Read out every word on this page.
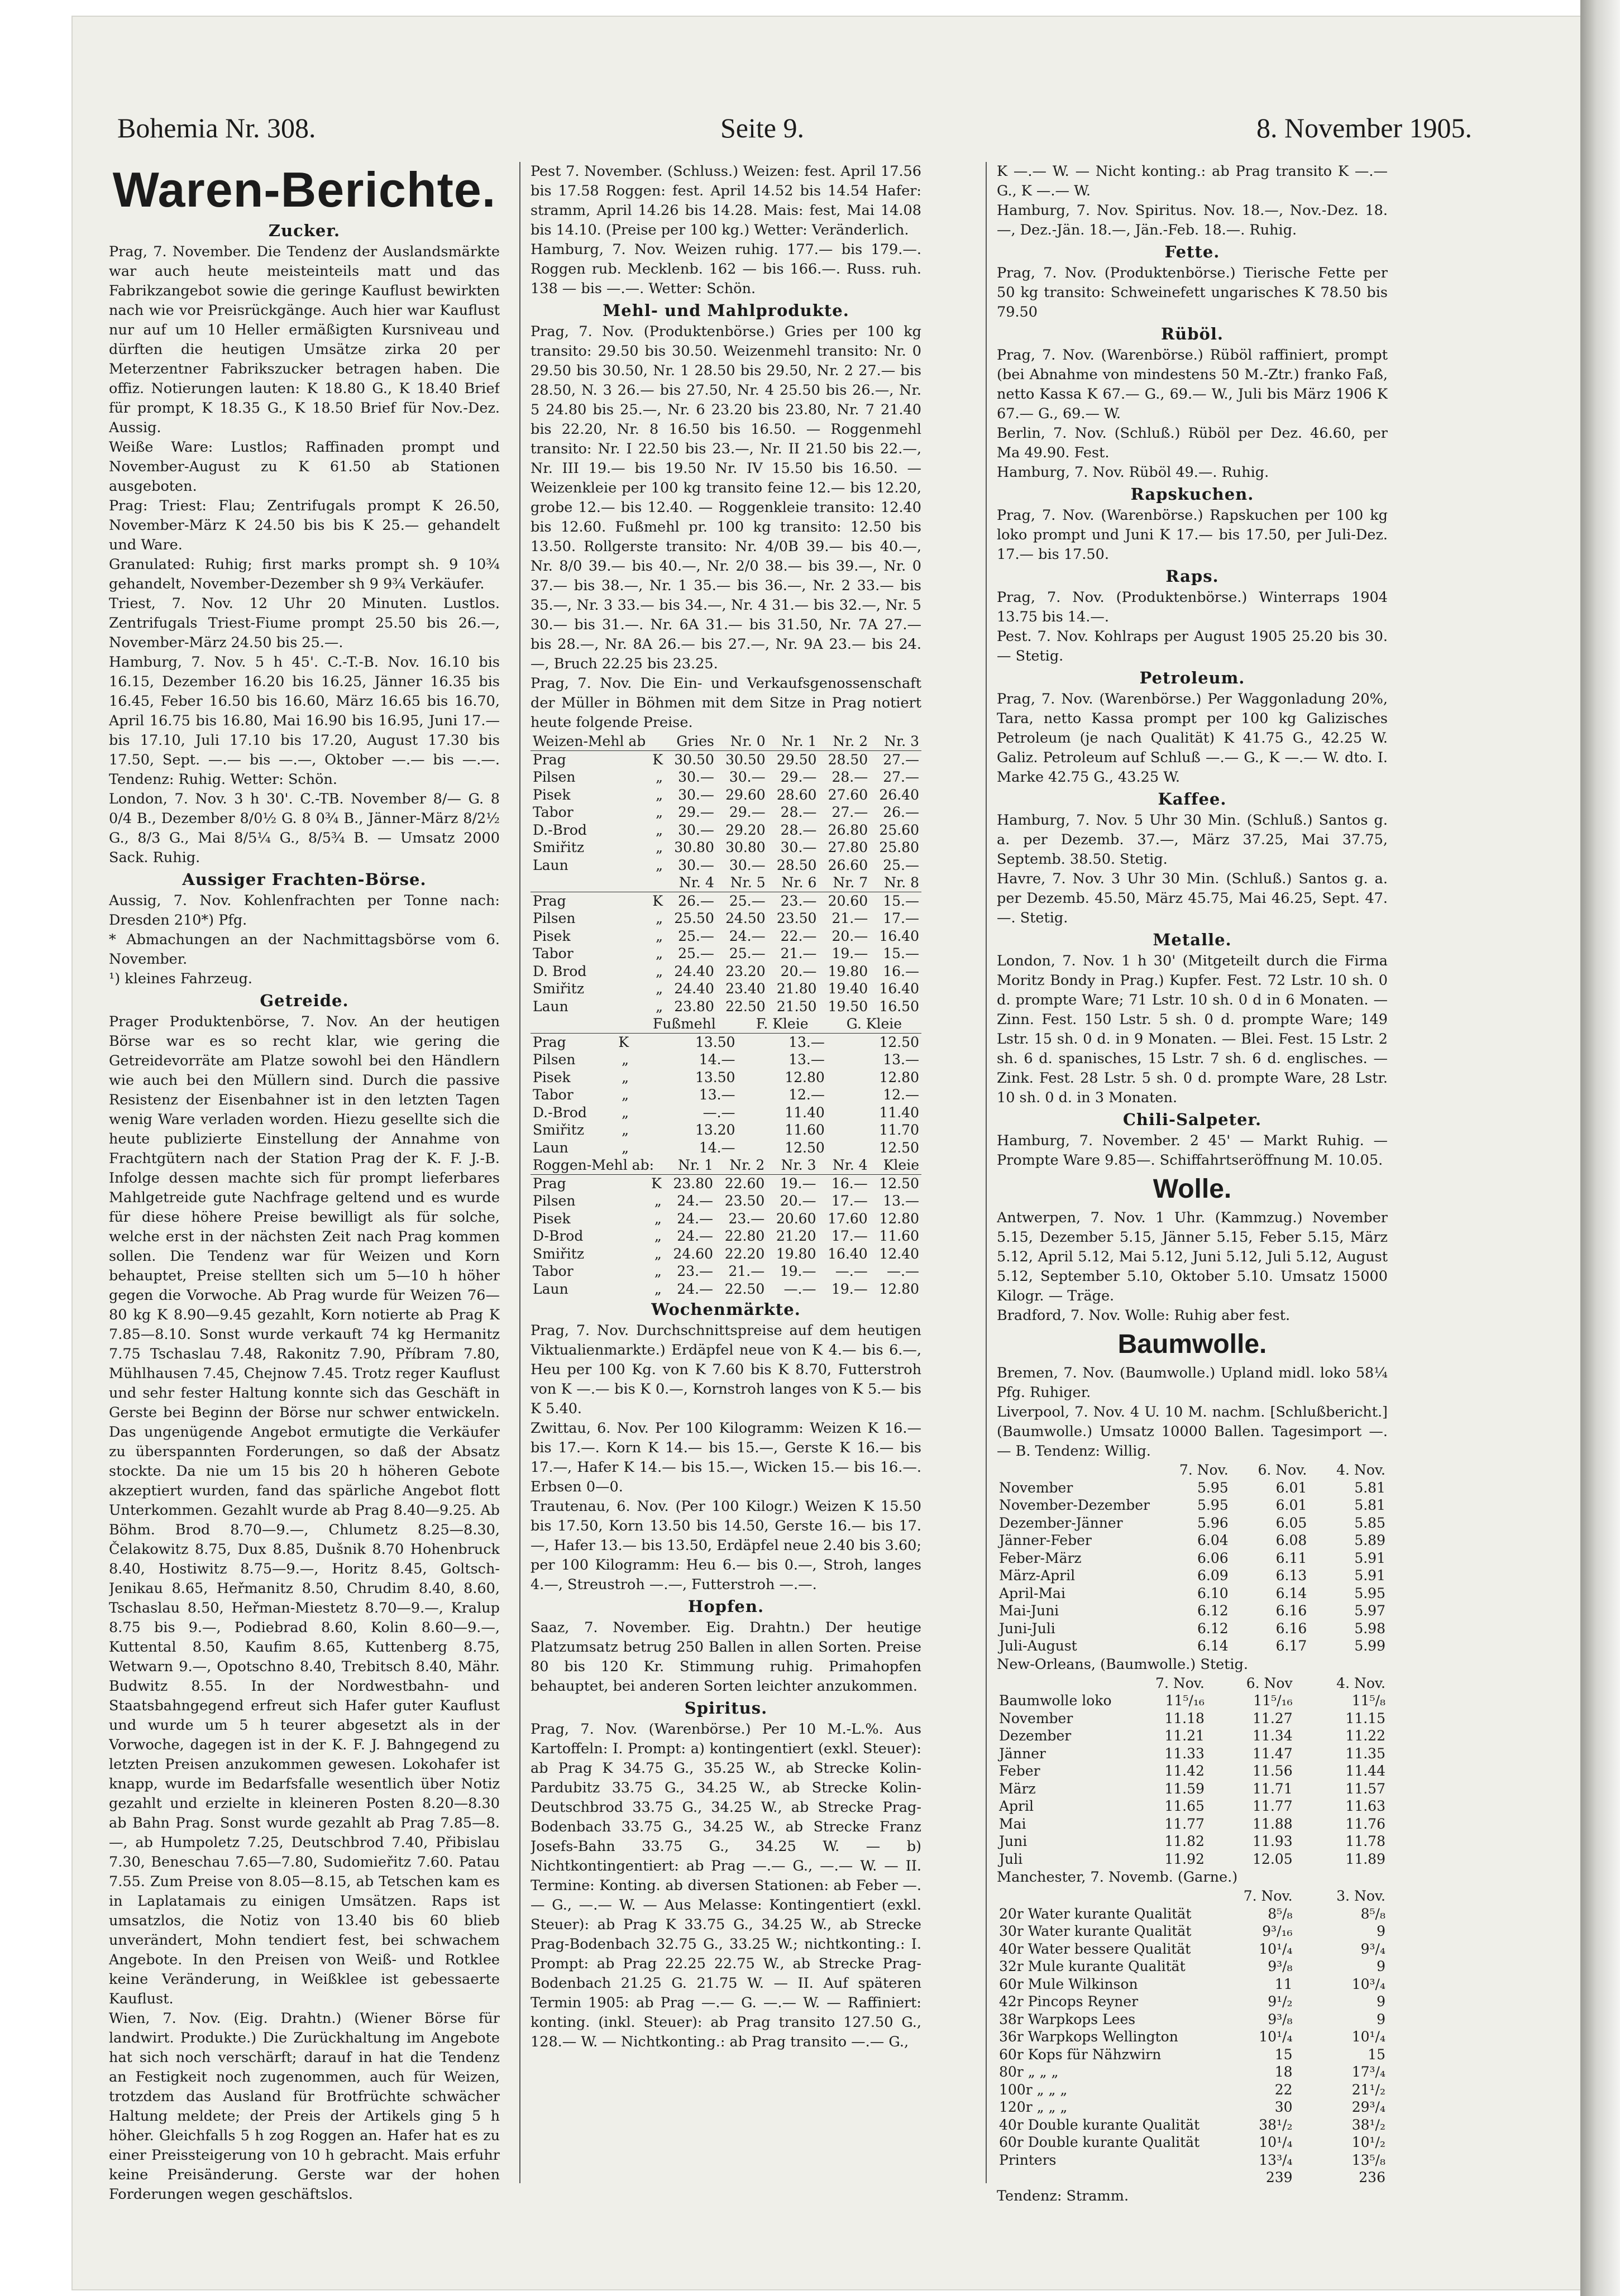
Bohemia Nr. 308.	Seite 9.	8. November 1905.
Waren-Berichte.
Zucker.

Prag, 7. November. Die Tendenz der Auslandsmärkte war auch heute meisteinteils matt und das Fabrikzangebot sowie die geringe Kauflust bewirkten nach wie vor Preisrückgänge. Auch hier war Kauflust nur auf um 10 Heller ermäßigten Kursniveau und dürften die heutigen Umsätze zirka 20 per Meterzentner Fabrikszucker betragen haben. Die offiz. Notierungen lauten: K 18.80 G., K 18.40 Brief für prompt, K 18.35 G., K 18.50 Brief für Nov.-Dez. Aussig.

Weiße Ware: Lustlos; Raffinaden prompt und November-August zu K 61.50 ab Stationen ausgeboten.

Prag: Triest: Flau; Zentrifugals prompt K 26.50, November-März K 24.50 bis bis K 25.— gehandelt und Ware.

Granulated: Ruhig; first marks prompt sh. 9 10¾ gehandelt, November-Dezember sh 9 9¾ Verkäufer.

Triest, 7. Nov. 12 Uhr 20 Minuten. Lustlos. Zentrifugals Triest-Fiume prompt 25.50 bis 26.—, November-März 24.50 bis 25.—.

Hamburg, 7. Nov. 5 h 45'. C.-T.-B. Nov. 16.10 bis 16.15, Dezember 16.20 bis 16.25, Jänner 16.35 bis 16.45, Feber 16.50 bis 16.60, März 16.65 bis 16.70, April 16.75 bis 16.80, Mai 16.90 bis 16.95, Juni 17.— bis 17.10, Juli 17.10 bis 17.20, August 17.30 bis 17.50, Sept. —.— bis —.—, Oktober —.— bis —.—. Tendenz: Ruhig. Wetter: Schön.

London, 7. Nov. 3 h 30'. C.-TB. November 8/— G. 8 0/4 B., Dezember 8/0½ G. 8 0¾ B., Jänner-März 8/2½ G., 8/3 G., Mai 8/5¼ G., 8/5¾ B. — Umsatz 2000 Sack. Ruhig.

Aussiger Frachten-Börse.

Aussig, 7. Nov. Kohlenfrachten per Tonne nach: Dresden 210*) Pfg.

* Abmachungen an der Nachmittagsbörse vom 6. November.

¹) kleines Fahrzeug.

Getreide.

Prager Produktenbörse, 7. Nov. An der heutigen Börse war es so recht klar, wie gering die Getreidevorräte am Platze sowohl bei den Händlern wie auch bei den Müllern sind. Durch die passive Resistenz der Eisenbahner ist in den letzten Tagen wenig Ware verladen worden. Hiezu gesellte sich die heute publizierte Einstellung der Annahme von Frachtgütern nach der Station Prag der K. F. J.-B. Infolge dessen machte sich für prompt lieferbares Mahlgetreide gute Nachfrage geltend und es wurde für diese höhere Preise bewilligt als für solche, welche erst in der nächsten Zeit nach Prag kommen sollen. Die Tendenz war für Weizen und Korn behauptet, Preise stellten sich um 5—10 h höher gegen die Vorwoche. Ab Prag wurde für Weizen 76—80 kg K 8.90—9.45 gezahlt, Korn notierte ab Prag K 7.85—8.10. Sonst wurde verkauft 74 kg Hermanitz 7.75 Tschaslau 7.48, Rakonitz 7.90, Příbram 7.80, Mühlhausen 7.45, Chejnow 7.45. Trotz reger Kauflust und sehr fester Haltung konnte sich das Geschäft in Gerste bei Beginn der Börse nur schwer entwickeln. Das ungenügende Angebot ermutigte die Verkäufer zu überspannten Forderungen, so daß der Absatz stockte. Da nie um 15 bis 20 h höheren Gebote akzeptiert wurden, fand das spärliche Angebot flott Unterkommen. Gezahlt wurde ab Prag 8.40—9.25. Ab Böhm. Brod 8.70—9.—, Chlumetz 8.25—8.30, Čelakowitz 8.75, Dux 8.85, Dušnik 8.70 Hohenbruck 8.40, Hostiwitz 8.75—9.—, Horitz 8.45, Goltsch-Jenikau 8.65, Heřmanitz 8.50, Chrudim 8.40, 8.60, Tschaslau 8.50, Heřman-Miestetz 8.70—9.—, Kralup 8.75 bis 9.—, Podiebrad 8.60, Kolin 8.60—9.—, Kuttental 8.50, Kaufim 8.65, Kuttenberg 8.75, Wetwarn 9.—, Opotschno 8.40, Trebitsch 8.40, Mähr. Budwitz 8.55. In der Nordwestbahn- und Staatsbahngegend erfreut sich Hafer guter Kauflust und wurde um 5 h teurer abgesetzt als in der Vorwoche, dagegen ist in der K. F. J. Bahngegend zu letzten Preisen anzukommen gewesen. Lokohafer ist knapp, wurde im Bedarfsfalle wesentlich über Notiz gezahlt und erzielte in kleineren Posten 8.20—8.30 ab Bahn Prag. Sonst wurde gezahlt ab Prag 7.85—8.—, ab Humpoletz 7.25, Deutschbrod 7.40, Přibislau 7.30, Beneschau 7.65—7.80, Sudomieřitz 7.60. Patau 7.55. Zum Preise von 8.05—8.15, ab Tetschen kam es in Laplatamais zu einigen Umsätzen. Raps ist umsatzlos, die Notiz von 13.40 bis 60 blieb unverändert, Mohn tendiert fest, bei schwachem Angebote. In den Preisen von Weiß- und Rotklee keine Veränderung, in Weißklee ist gebessaerte Kauflust.

Wien, 7. Nov. (Eig. Drahtn.) (Wiener Börse für landwirt. Produkte.) Die Zurückhaltung im Angebote hat sich noch verschärft; darauf in hat die Tendenz an Festigkeit noch zugenommen, auch für Weizen, trotzdem das Ausland für Brotfrüchte schwächer Haltung meldete; der Preis der Artikels ging 5 h höher. Gleichfalls 5 h zog Roggen an. Hafer hat es zu einer Preissteigerung von 10 h gebracht. Mais erfuhr keine Preisänderung. Gerste war der hohen Forderungen wegen geschäftslos.

Pest 7. November. (Schluss.) Weizen: fest. April 17.56 bis 17.58 Roggen: fest. April 14.52 bis 14.54 Hafer: stramm, April 14.26 bis 14.28. Mais: fest, Mai 14.08 bis 14.10. (Preise per 100 kg.) Wetter: Veränderlich.

Hamburg, 7. Nov. Weizen ruhig. 177.— bis 179.—. Roggen rub. Mecklenb. 162 — bis 166.—. Russ. ruh. 138 — bis —.—. Wetter: Schön.

Mehl- und Mahlprodukte.

Prag, 7. Nov. (Produktenbörse.) Gries per 100 kg transito: 29.50 bis 30.50. Weizenmehl transito: Nr. 0 29.50 bis 30.50, Nr. 1 28.50 bis 29.50, Nr. 2 27.— bis 28.50, N. 3 26.— bis 27.50, Nr. 4 25.50 bis 26.—, Nr. 5 24.80 bis 25.—, Nr. 6 23.20 bis 23.80, Nr. 7 21.40 bis 22.20, Nr. 8 16.50 bis 16.50. — Roggenmehl transito: Nr. I 22.50 bis 23.—, Nr. II 21.50 bis 22.—, Nr. III 19.— bis 19.50 Nr. IV 15.50 bis 16.50. — Weizenkleie per 100 kg transito feine 12.— bis 12.20, grobe 12.— bis 12.40. — Roggenkleie transito: 12.40 bis 12.60. Fußmehl pr. 100 kg transito: 12.50 bis 13.50. Rollgerste transito: Nr. 4/0B 39.— bis 40.—, Nr. 8/0 39.— bis 40.—, Nr. 2/0 38.— bis 39.—, Nr. 0 37.— bis 38.—, Nr. 1 35.— bis 36.—, Nr. 2 33.— bis 35.—, Nr. 3 33.— bis 34.—, Nr. 4 31.— bis 32.—, Nr. 5 30.— bis 31.—. Nr. 6A 31.— bis 31.50, Nr. 7A 27.— bis 28.—, Nr. 8A 26.— bis 27.—, Nr. 9A 23.— bis 24.—, Bruch 22.25 bis 23.25.

Prag, 7. Nov. Die Ein- und Verkaufsgenossenschaft der Müller in Böhmen mit dem Sitze in Prag notiert heute folgende Preise.

Weizen-Mehl ab		Gries	Nr. 0	Nr. 1	Nr. 2	Nr. 3
Prag	K	30.50	30.50	29.50	28.50	27.—
Pilsen	„	30.—	30.—	29.—	28.—	27.—
Pisek	„	30.—	29.60	28.60	27.60	26.40
Tabor	„	29.—	29.—	28.—	27.—	26.—
D.-Brod	„	30.—	29.20	28.—	26.80	25.60
Smiřitz	„	30.80	30.80	30.—	27.80	25.80
Laun	„	30.—	30.—	28.50	26.60	25.—
		Nr. 4	Nr. 5	Nr. 6	Nr. 7	Nr. 8
Prag	K	26.—	25.—	23.—	20.60	15.—
Pilsen	„	25.50	24.50	23.50	21.—	17.—
Pisek	„	25.—	24.—	22.—	20.—	16.40
Tabor	„	25.—	25.—	21.—	19.—	15.—
D. Brod	„	24.40	23.20	20.—	19.80	16.—
Smiřitz	„	24.40	23.40	21.80	19.40	16.40
Laun	„	23.80	22.50	21.50	19.50	16.50
		Fußmehl	F. Kleie	G. Kleie
Prag	K	13.50	13.—	12.50
Pilsen	„	14.—	13.—	13.—
Pisek	„	13.50	12.80	12.80
Tabor	„	13.—	12.—	12.—
D.-Brod	„	—.—	11.40	11.40
Smiřitz	„	13.20	11.60	11.70
Laun	„	14.—	12.50	12.50
Roggen-Mehl ab:		Nr. 1	Nr. 2	Nr. 3	Nr. 4	Kleie
Prag	K	23.80	22.60	19.—	16.—	12.50
Pilsen	„	24.—	23.50	20.—	17.—	13.—
Pisek	„	24.—	23.—	20.60	17.60	12.80
D-Brod	„	24.—	22.80	21.20	17.—	11.60
Smiřitz	„	24.60	22.20	19.80	16.40	12.40
Tabor	„	23.—	21.—	19.—	—.—	—.—
Laun	„	24.—	22.50	—.—	19.—	12.80
Wochenmärkte.

Prag, 7. Nov. Durchschnittspreise auf dem heutigen Viktualienmarkte.) Erdäpfel neue von K 4.— bis 6.—, Heu per 100 Kg. von K 7.60 bis K 8.70, Futterstroh von K —.— bis K 0.—, Kornstroh langes von K 5.— bis K 5.40.

Zwittau, 6. Nov. Per 100 Kilogramm: Weizen K 16.— bis 17.—. Korn K 14.— bis 15.—, Gerste K 16.— bis 17.—, Hafer K 14.— bis 15.—, Wicken 15.— bis 16.—. Erbsen 0—0.

Trautenau, 6. Nov. (Per 100 Kilogr.) Weizen K 15.50 bis 17.50, Korn 13.50 bis 14.50, Gerste 16.— bis 17.—, Hafer 13.— bis 13.50, Erdäpfel neue 2.40 bis 3.60; per 100 Kilogramm: Heu 6.— bis 0.—, Stroh, langes 4.—, Streustroh —.—, Futterstroh —.—.

Hopfen.

Saaz, 7. November. Eig. Drahtn.) Der heutige Platzumsatz betrug 250 Ballen in allen Sorten. Preise 80 bis 120 Kr. Stimmung ruhig. Primahopfen behauptet, bei anderen Sorten leichter anzukommen.

Spiritus.

Prag, 7. Nov. (Warenbörse.) Per 10 M.-L.%. Aus Kartoffeln: I. Prompt: a) kontingentiert (exkl. Steuer): ab Prag K 34.75 G., 35.25 W., ab Strecke Kolin-Pardubitz 33.75 G., 34.25 W., ab Strecke Kolin-Deutschbrod 33.75 G., 34.25 W., ab Strecke Prag-Bodenbach 33.75 G., 34.25 W., ab Strecke Franz Josefs-Bahn 33.75 G., 34.25 W. — b) Nichtkontingentiert: ab Prag —.— G., —.— W. — II. Termine: Konting. ab diversen Stationen: ab Feber —.— G., —.— W. — Aus Melasse: Kontingentiert (exkl. Steuer): ab Prag K 33.75 G., 34.25 W., ab Strecke Prag-Bodenbach 32.75 G., 33.25 W.; nichtkonting.: I. Prompt: ab Prag 22.25 22.75 W., ab Strecke Prag-Bodenbach 21.25 G. 21.75 W. — II. Auf späteren Termin 1905: ab Prag —.— G. —.— W. — Raffiniert: konting. (inkl. Steuer): ab Prag transito 127.50 G., 128.— W. — Nichtkonting.: ab Prag transito —.— G.,

K —.— W. — Nicht konting.: ab Prag transito K —.— G., K —.— W.

Hamburg, 7. Nov. Spiritus. Nov. 18.—, Nov.-Dez. 18.—, Dez.-Jän. 18.—, Jän.-Feb. 18.—. Ruhig.

Fette.

Prag, 7. Nov. (Produktenbörse.) Tierische Fette per 50 kg transito: Schweinefett ungarisches K 78.50 bis 79.50

Rüböl.

Prag, 7. Nov. (Warenbörse.) Rüböl raffiniert, prompt (bei Abnahme von mindestens 50 M.-Ztr.) franko Faß, netto Kassa K 67.— G., 69.— W., Juli bis März 1906 K 67.— G., 69.— W.

Berlin, 7. Nov. (Schluß.) Rüböl per Dez. 46.60, per Ma 49.90. Fest.

Hamburg, 7. Nov. Rüböl 49.—. Ruhig.

Rapskuchen.

Prag, 7. Nov. (Warenbörse.) Rapskuchen per 100 kg loko prompt und Juni K 17.— bis 17.50, per Juli-Dez. 17.— bis 17.50.

Raps.

Prag, 7. Nov. (Produktenbörse.) Winterraps 1904 13.75 bis 14.—.

Pest. 7. Nov. Kohlraps per August 1905 25.20 bis 30.— Stetig.

Petroleum.

Prag, 7. Nov. (Warenbörse.) Per Waggonladung 20%, Tara, netto Kassa prompt per 100 kg Galizisches Petroleum (je nach Qualität) K 41.75 G., 42.25 W. Galiz. Petroleum auf Schluß —.— G., K —.— W. dto. I. Marke 42.75 G., 43.25 W.

Kaffee.

Hamburg, 7. Nov. 5 Uhr 30 Min. (Schluß.) Santos g. a. per Dezemb. 37.—, März 37.25, Mai 37.75, Septemb. 38.50. Stetig.

Havre, 7. Nov. 3 Uhr 30 Min. (Schluß.) Santos g. a. per Dezemb. 45.50, März 45.75, Mai 46.25, Sept. 47.—. Stetig.

Metalle.

London, 7. Nov. 1 h 30' (Mitgeteilt durch die Firma Moritz Bondy in Prag.) Kupfer. Fest. 72 Lstr. 10 sh. 0 d. prompte Ware; 71 Lstr. 10 sh. 0 d in 6 Monaten. — Zinn. Fest. 150 Lstr. 5 sh. 0 d. prompte Ware; 149 Lstr. 15 sh. 0 d. in 9 Monaten. — Blei. Fest. 15 Lstr. 2 sh. 6 d. spanisches, 15 Lstr. 7 sh. 6 d. englisches. — Zink. Fest. 28 Lstr. 5 sh. 0 d. prompte Ware, 28 Lstr. 10 sh. 0 d. in 3 Monaten.

Chili-Salpeter.

Hamburg, 7. November. 2 45' — Markt Ruhig. — Prompte Ware 9.85—. Schiffahrtseröffnung M. 10.05.

Wolle.

Antwerpen, 7. Nov. 1 Uhr. (Kammzug.) November 5.15, Dezember 5.15, Jänner 5.15, Feber 5.15, März 5.12, April 5.12, Mai 5.12, Juni 5.12, Juli 5.12, August 5.12, September 5.10, Oktober 5.10. Umsatz 15000 Kilogr. — Träge.

Bradford, 7. Nov. Wolle: Ruhig aber fest.

Baumwolle.

Bremen, 7. Nov. (Baumwolle.) Upland midl. loko 58¼ Pfg. Ruhiger.

Liverpool, 7. Nov. 4 U. 10 M. nachm. [Schlußbericht.] (Baumwolle.) Umsatz 10000 Ballen. Tagesimport —.— B. Tendenz: Willig.

	7. Nov.	6. Nov.	4. Nov.
November	5.95	6.01	5.81
November-Dezember	5.95	6.01	5.81
Dezember-Jänner	5.96	6.05	5.85
Jänner-Feber	6.04	6.08	5.89
Feber-März	6.06	6.11	5.91
März-April	6.09	6.13	5.91
April-Mai	6.10	6.14	5.95
Mai-Juni	6.12	6.16	5.97
Juni-Juli	6.12	6.16	5.98
Juli-August	6.14	6.17	5.99

New-Orleans, (Baumwolle.) Stetig.

	7. Nov.	6. Nov	4. Nov.
Baumwolle loko	11⁵/₁₆	11⁵/₁₆	11⁵/₈
November	11.18	11.27	11.15
Dezember	11.21	11.34	11.22
Jänner	11.33	11.47	11.35
Feber	11.42	11.56	11.44
März	11.59	11.71	11.57
April	11.65	11.77	11.63
Mai	11.77	11.88	11.76
Juni	11.82	11.93	11.78
Juli	11.92	12.05	11.89

Manchester, 7. Novemb. (Garne.)

	7. Nov.	3. Nov.
20r Water kurante Qualität	8⁵/₈	8⁵/₈
30r Water kurante Qualität	9³/₁₆	9
40r Water bessere Qualität	10¹/₄	9³/₄
32r Mule kurante Qualität	9³/₈	9
60r Mule Wilkinson	11	10³/₄
42r Pincops Reyner	9¹/₂	9
38r Warpkops Lees	9³/₈	9
36r Warpkops Wellington	10¹/₄	10¹/₄
60r Kops für Nähzwirn	15	15
80r „ „ „	18	17³/₄
100r „ „ „	22	21¹/₂
120r „ „ „	30	29³/₄
40r Double kurante Qualität	38¹/₂	38¹/₂
60r Double kurante Qualität	10¹/₄	10¹/₂
Printers	13³/₄	13⁵/₈
	239	236

Tendenz: Stramm.
